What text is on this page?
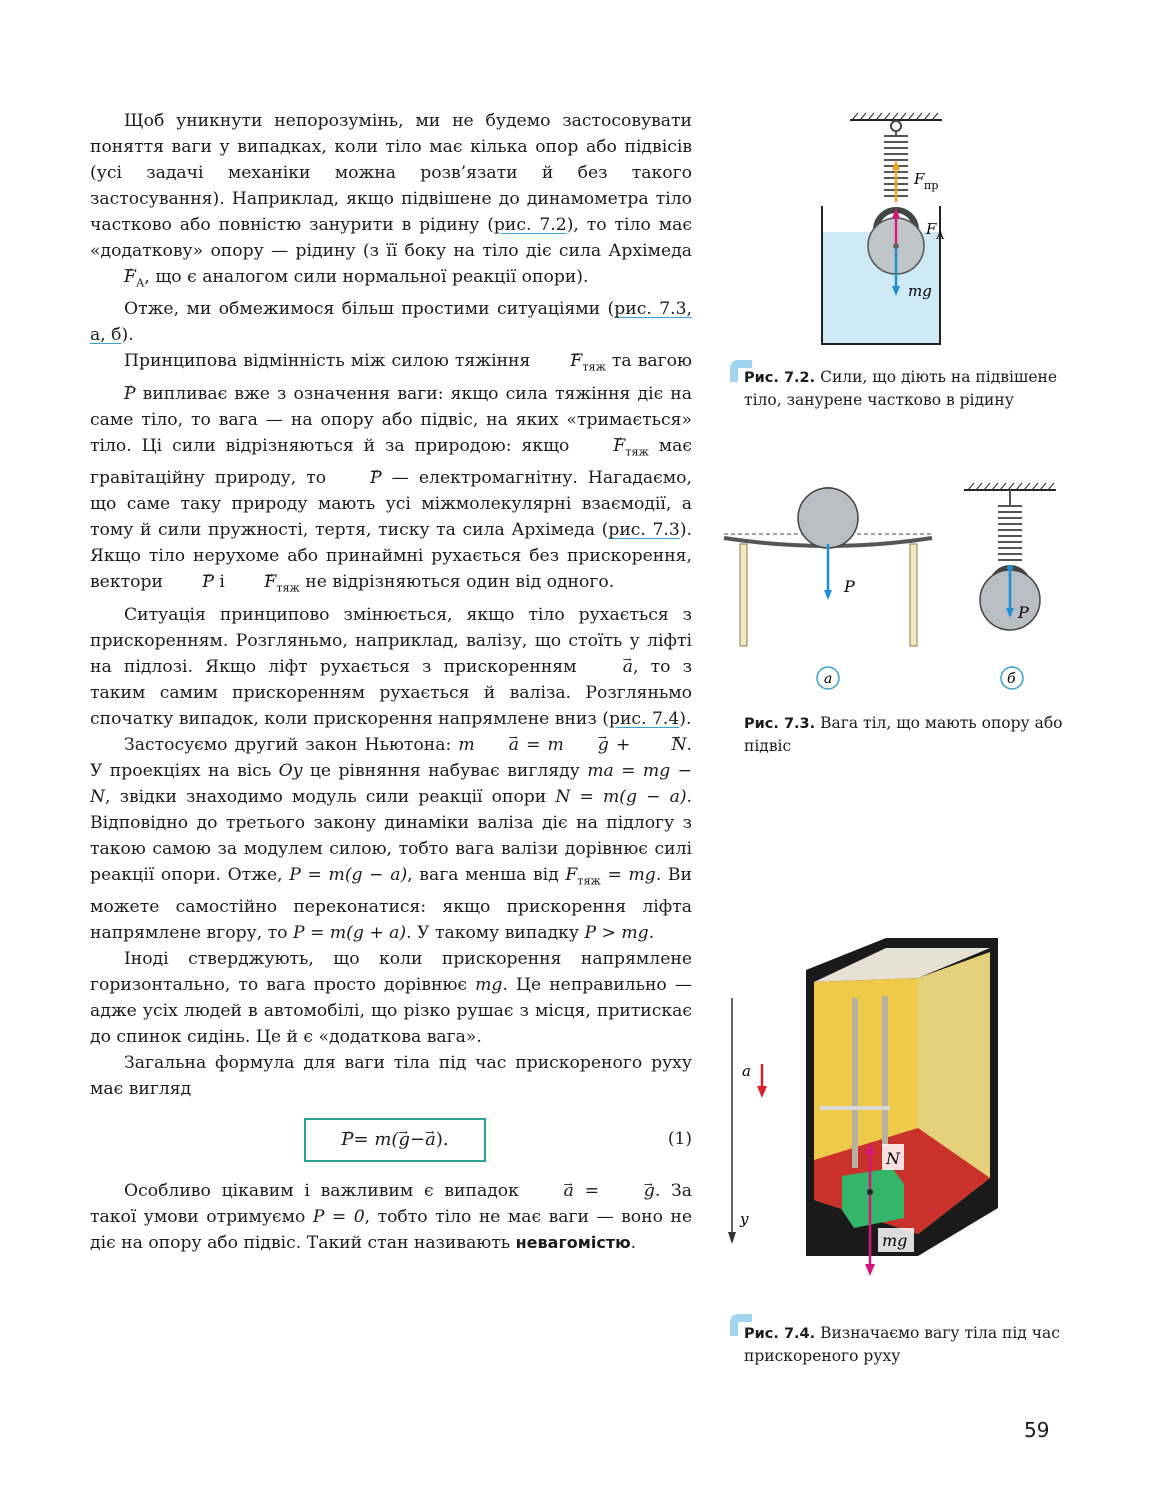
Щоб уникнути непорозумінь, ми не будемо застосовувати поняття ваги у випадках, коли тіло має кілька опор або підвісів (усі задачі механіки можна розв’язати й без такого застосування). Наприклад, якщо підвішене до динамометра тіло частково або повністю занурити в рідину (рис. 7.2), то тіло має «додаткову» опору — рідину (з її боку на тіло діє сила Архімеда → $F_А$, що є аналогом сили нормальної реакції опори).

Отже, ми обмежимося більш простими ситуаціями (рис. 7.3, а, б).

Принципова відмінність між силою тяжіння → $F_{тяж}$ та вагою → P випливає вже з означення ваги: якщо сила тяжіння діє на саме тіло, то вага — на опору або підвіс, на яких «тримається» тіло. Ці сили відрізняються й за природою: якщо → $F_{тяж}$ має гравітаційну природу, то → P — електромагнітну. Нагадаємо, що саме таку природу мають усі міжмолекулярні взаємодії, а тому й сили пружності, тертя, тиску та сила Архімеда (рис. 7.3). Якщо тіло нерухоме або принаймні рухається без прискорення, вектори → P $і \to F_{тяж}$ не відрізняються один від одного.

Ситуація принципово змінюється, якщо тіло рухається з прискоренням. Розгляньмо, наприклад, валізу, що стоїть у ліфті на підлозі. Якщо ліфт рухається з прискоренням → a, то з таким самим прискоренням рухається й валіза. Розгляньмо спочатку випадок, коли прискорення напрямлене вниз (рис. 7.4).

Застосуємо другий закон Ньютона: m → a = m → g + → N. У проекціях на вісь Oy це рівняння набуває вигляду ma = mg − N, звідки знаходимо модуль сили реакції опори N = m(g − a). Відповідно до третього закону динаміки валіза діє на підлогу з такою самою за модулем силою, тобто вага валізи дорівнює силі реакції опори. Отже, P = m(g − a), вага менша від $F_{тяж}$ = mg. Ви можете самостійно переконатися: якщо прискорення ліфта напрямлене вгору, то P = m(g + a). У такому випадку P > mg.

Іноді стверджують, що коли прискорення напрямлене горизонтально, то вага просто дорівнює mg. Це неправильно — адже усіх людей в автомобілі, що різко рушає з місця, притискає до спинок сидінь. Це й є «додаткова вага».

Загальна формула для ваги тіла під час прискореного руху має вигляд

→ P = m( → g − → a ).	(1)

Особливо цікавим і важливим є випадок → a = → g. За такої умови отримуємо P = 0, тобто тіло не має ваги — воно не діє на опору або підвіс. Такий стан називають невагомістю.

F пр
F А
mg
Рис. 7.2. Сили, що діють на підвішене тіло, занурене частково в рідину
P
а
P
б
Рис. 7.3. Вага тіл, що мають опору або підвіс
y
a
N
mg
Рис. 7.4. Визначаємо вагу тіла під час прискореного руху
59
